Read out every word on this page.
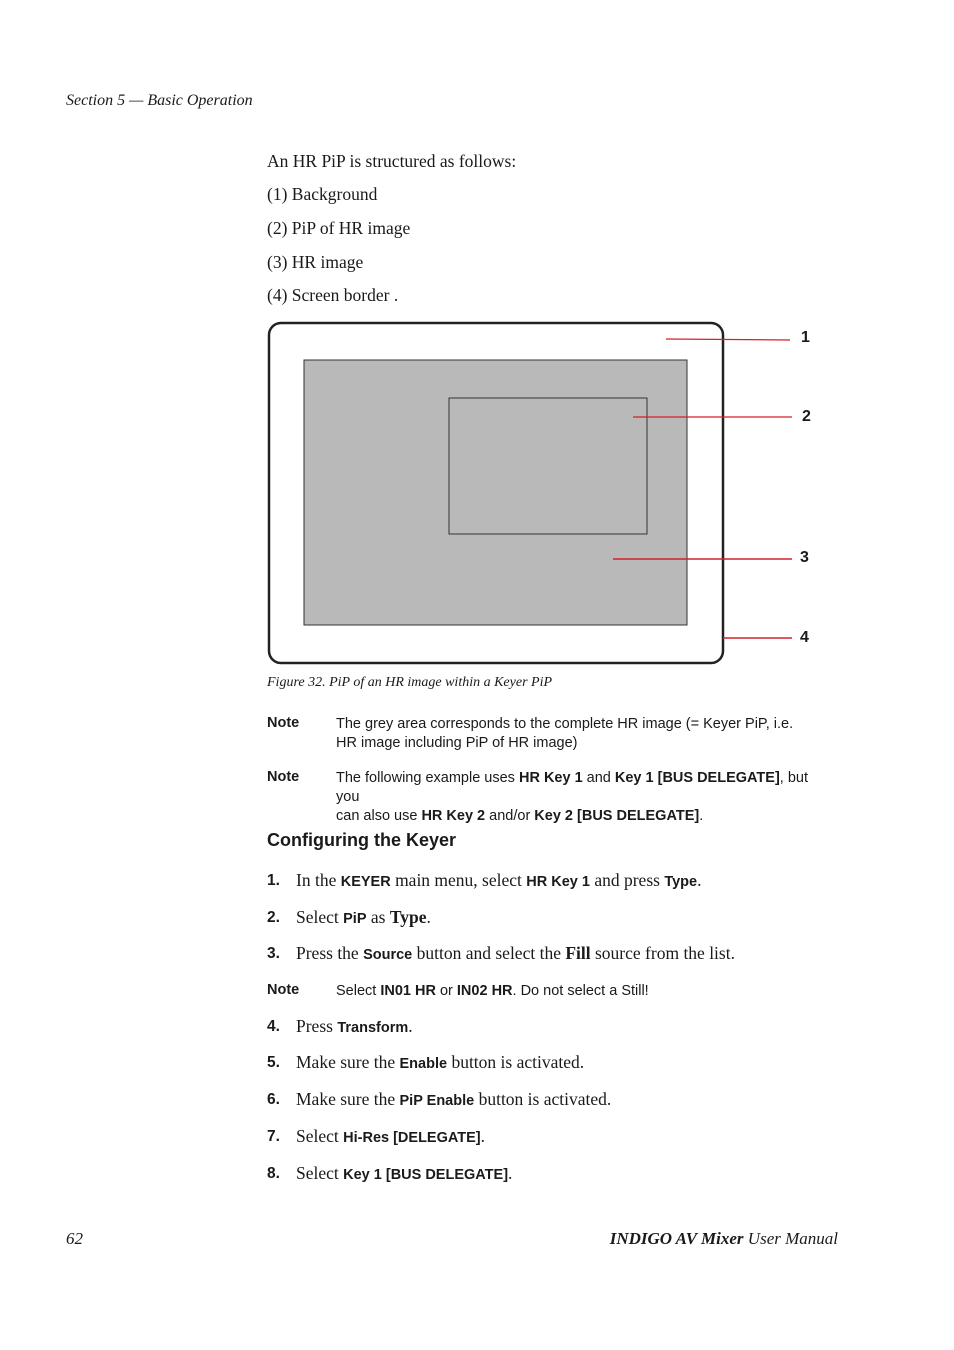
Section 5 — Basic Operation
An HR PiP is structured as follows:
(1) Background
(2) PiP of HR image
(3) HR image
(4) Screen border .
1
2
3
4
Figure 32. PiP of an HR image within a Keyer PiP
Note	The grey area corresponds to the complete HR image (= Keyer PiP, i.e.
HR image including PiP of HR image)
Note	The following example uses HR Key 1 and Key 1 [BUS DELEGATE], but you
can also use HR Key 2 and/or Key 2 [BUS DELEGATE].
Configuring the Keyer
1. In the KEYER main menu, select HR Key 1 and press Type.
2. Select PiP as Type.
3. Press the Source button and select the Fill source from the list.
Note	Select IN01 HR or IN02 HR. Do not select a Still!
4. Press Transform.
5. Make sure the Enable button is activated.
6. Make sure the PiP Enable button is activated.
7. Select Hi-Res [DELEGATE].
8. Select Key 1 [BUS DELEGATE].
62	INDIGO AV Mixer User Manual
